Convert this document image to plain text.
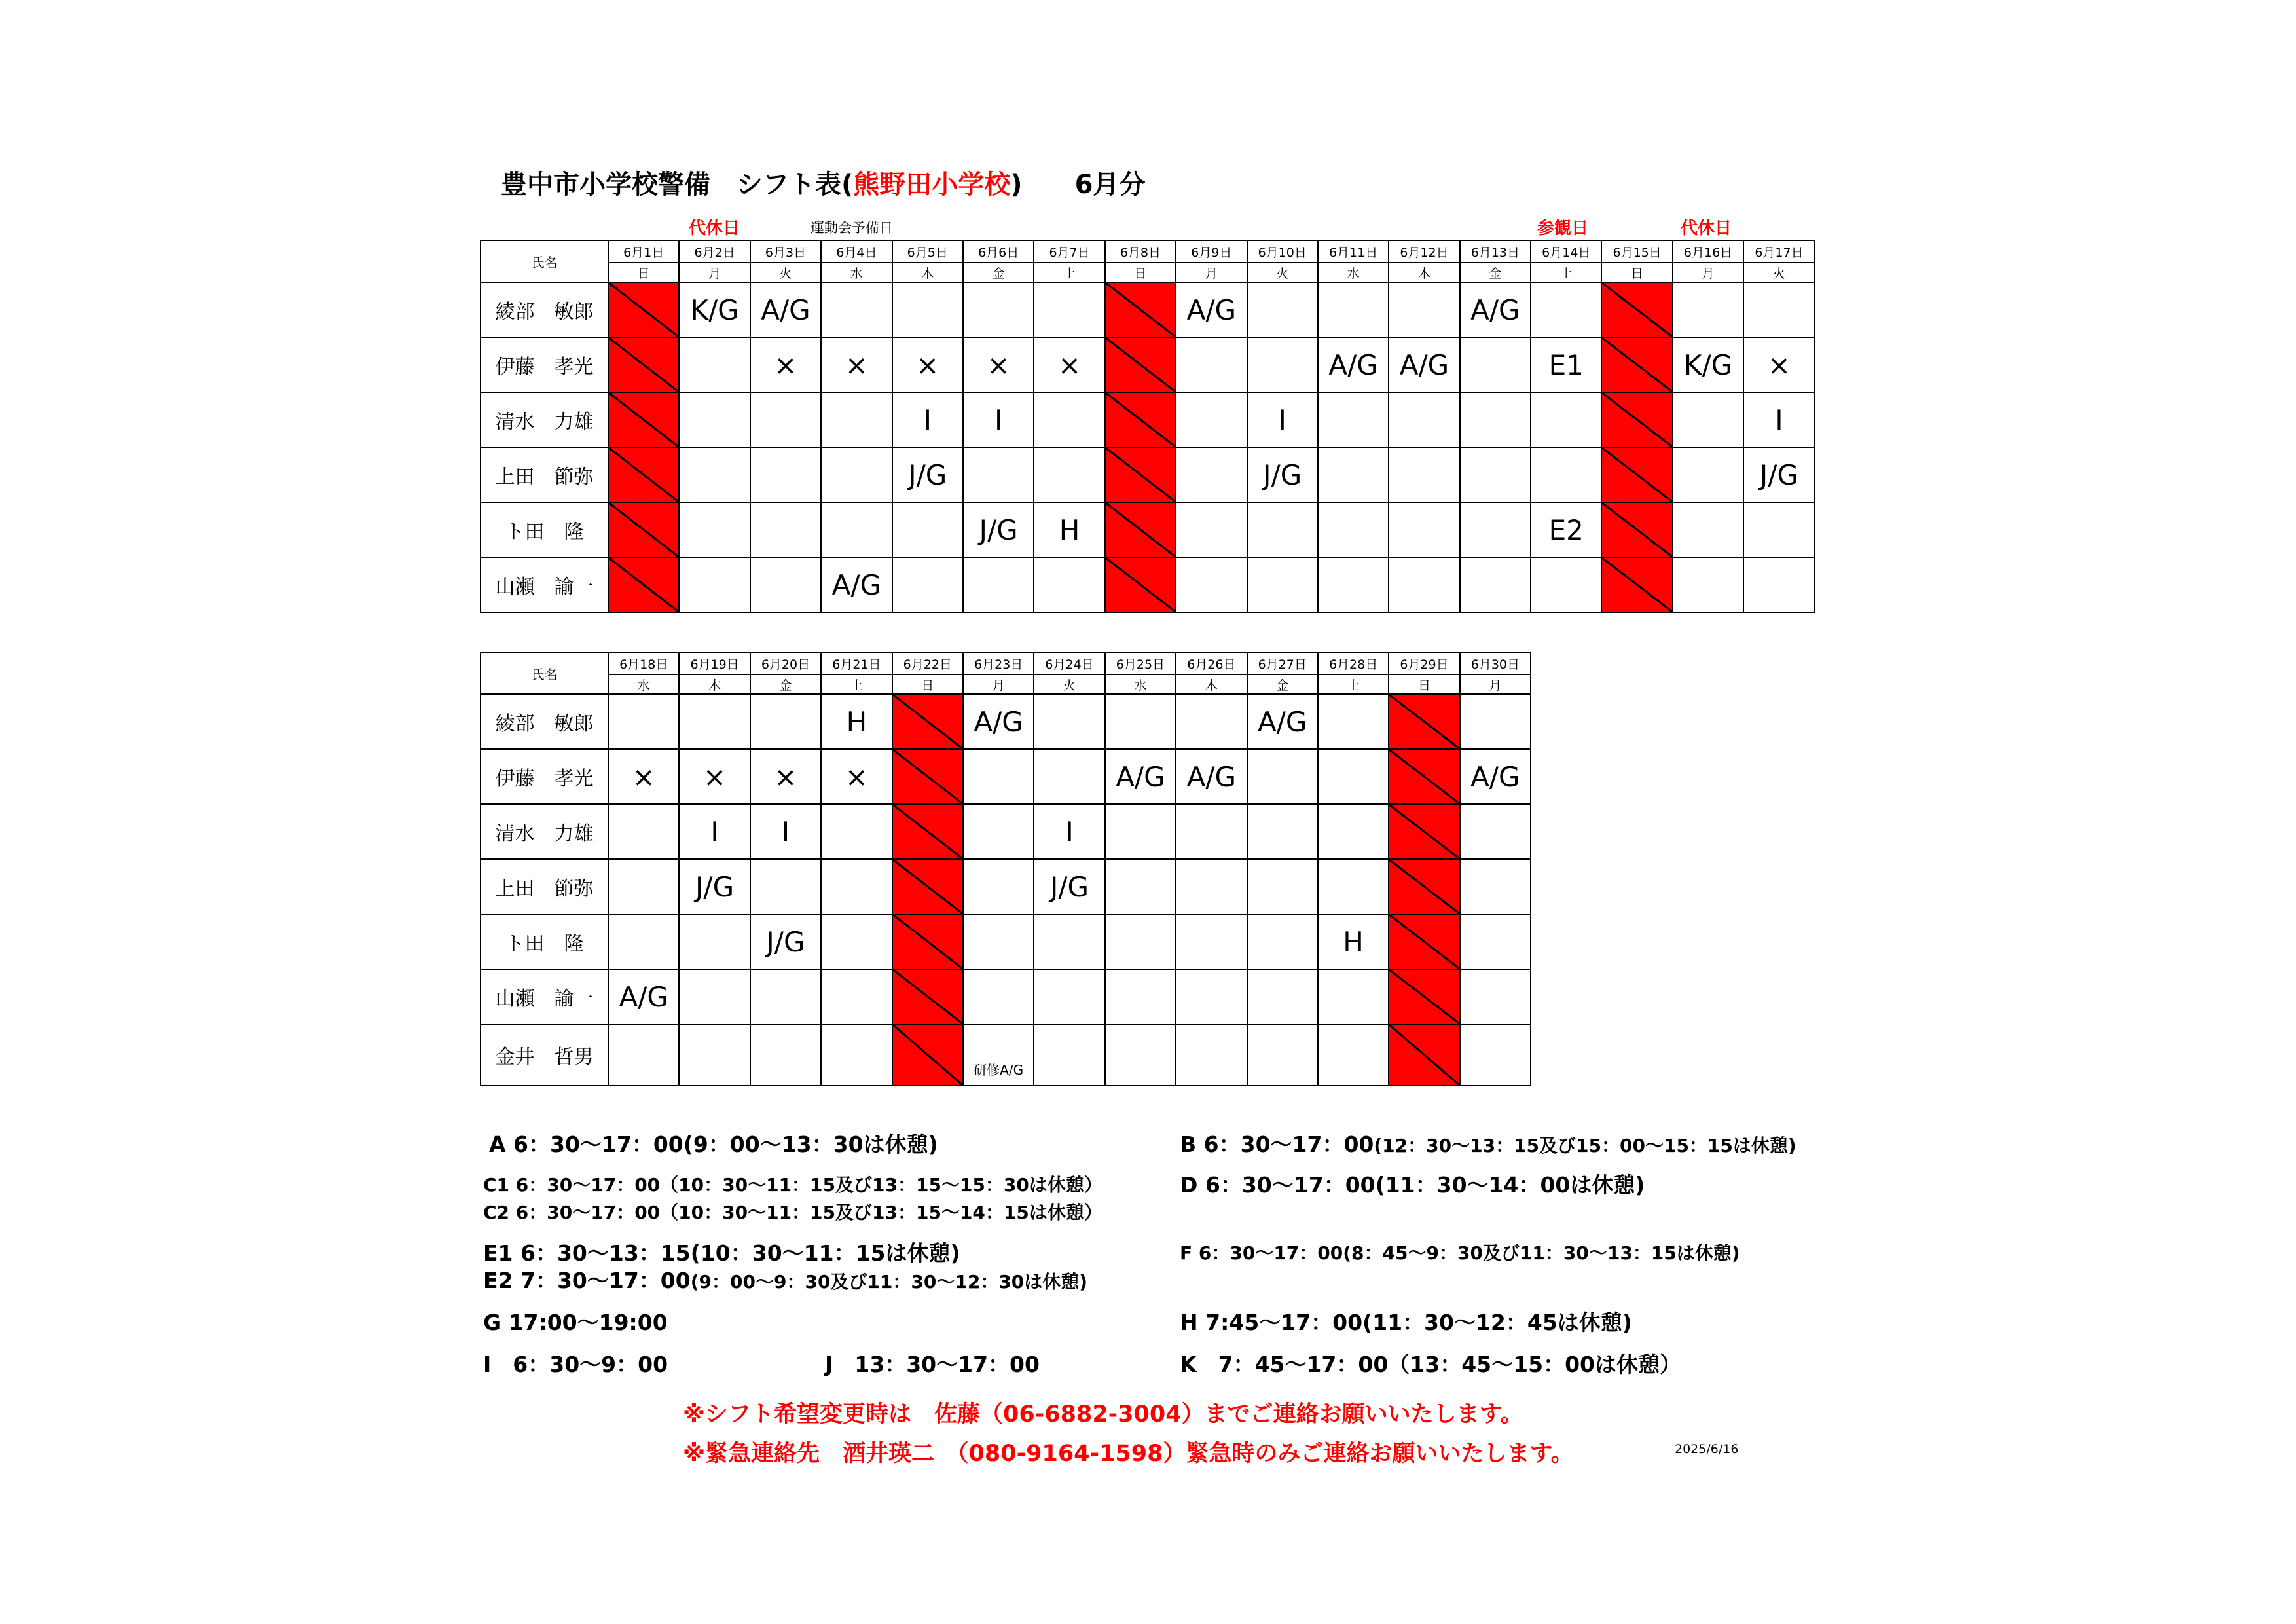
豊中市小学校警備　シフト表(熊野田小学校) 6月分
代休日	運動会予備日	参観日	代休日
氏名	6月1日	6月2日	6月3日	6月4日	6月5日	6月6日	6月7日	6月8日	6月9日	6月10日	6月11日	6月12日	6月13日	6月14日	6月15日	6月16日	6月17日
	日	月	火	水	木	金	土	日	月	火	水	木	金	土	日	月	火
綾部　敏郎		K/G	A/G						A/G				A/G				
伊藤　孝光			×	×	×	×	×				A/G	A/G		E1		K/G	×
清水　力雄					I	I				I							I
上田　節弥					J/G					J/G							J/G
ト田　隆						J/G	H							E2			
山瀬　諭一				A/G													
氏名	6月18日	6月19日	6月20日	6月21日	6月22日	6月23日	6月24日	6月25日	6月26日	6月27日	6月28日	6月29日	6月30日
	水	木	金	土	日	月	火	水	木	金	土	日	月
綾部　敏郎				H		A/G				A/G			
伊藤　孝光	×	×	×	×				A/G	A/G				A/G
清水　力雄		I	I				I						
上田　節弥		J/G					J/G						
ト田　隆			J/G								H		
山瀬　諭一	A/G												
金井　哲男						研修A/G							
A 6：30～17：00(9：00～13：30は休憩)	B 6：30～17：00(12：30～13：15及び15：00～15：15は休憩)
C1 6：30～17：00（10：30～11：15及び13：15～15：30は休憩）
C2 6：30～17：00（10：30～11：15及び13：15～14：15は休憩）
D 6：30～17：00(11：30～14：00は休憩)
E1 6：30～13：15(10：30～11：15は休憩)
E2 7：30～17：00(9：00～9：30及び11：30～12：30は休憩)
F 6：30～17：00(8：45～9：30及び11：30～13：15は休憩)
G 17:00～19:00	H 7:45～17：00(11：30～12：45は休憩)
I　6：30～9：00	J　13：30～17：00	K　7：45～17：00（13：45～15：00は休憩）
※シフト希望変更時は　佐藤（06-6882-3004）までご連絡お願いいたします。
※緊急連絡先　酒井瑛二　（080-9164-1598）緊急時のみご連絡お願いいたします。	2025/6/16
